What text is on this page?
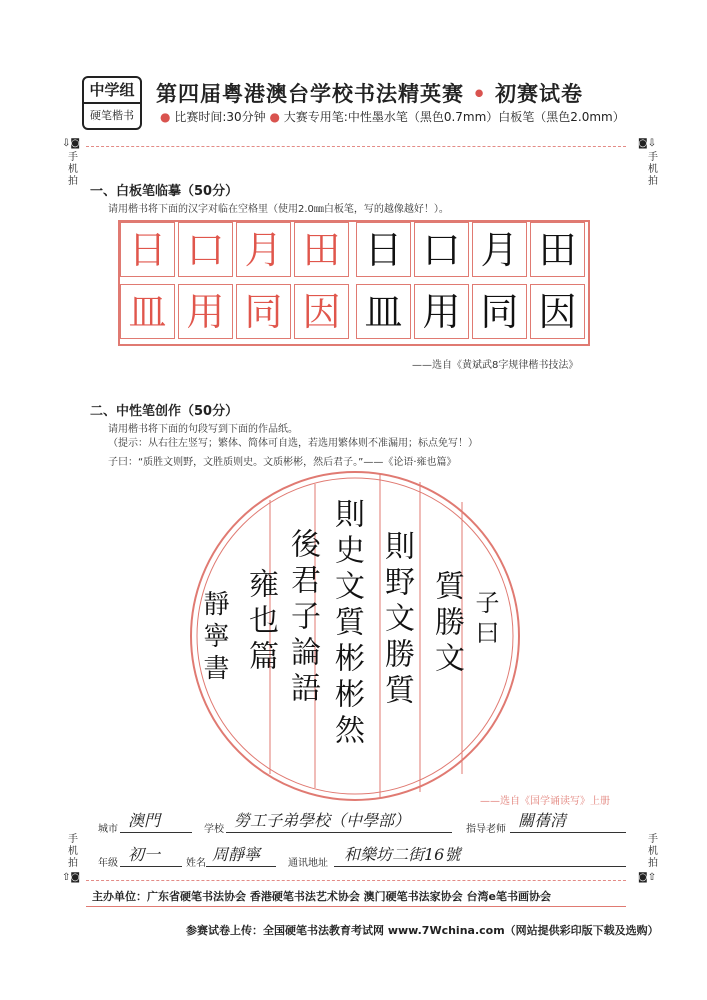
中学组
硬笔楷书
第四届粤港澳台学校书法精英赛 • 初赛试卷
● 比赛时间:30分钟 ● 大赛专用笔:中性墨水笔（黑色0.7mm）白板笔（黑色2.0mm）
⇩◙
手机拍
◙⇩
手机拍
一、白板笔临摹（50分）
请用楷书将下面的汉字对临在空格里（使用2.0㎜白板笔，写的越像越好！）。
日 口 月 田 日 口 月 田
皿 用 同 因 皿 用 同 因
——选自《黄斌武8字规律楷书技法》
二、中性笔创作（50分）
请用楷书将下面的句段写到下面的作品纸。
（提示：从右往左竖写；繁体、简体可自选，若选用繁体则不准漏用；标点免写！）
子曰：“质胜文则野，文胜质则史。文质彬彬，然后君子。”——《论语·雍也篇》
子曰
質勝文
則野文勝質
則史文質彬彬然
後君子論語
雍也篇
靜寧書
——选自《国学诵读写》上册
城市 澳門	学校 勞工子弟學校（中學部）	指导老师 關蒨清
年级 初一	姓名 周靜寧	通讯地址 和樂坊二街16號
手机拍
⇧◙
手机拍
◙⇧
主办单位：广东省硬笔书法协会 香港硬笔书法艺术协会 澳门硬笔书法家协会 台湾e笔书画协会
参赛试卷上传：全国硬笔书法教育考试网 www.7Wchina.com（网站提供彩印版下载及选购）
